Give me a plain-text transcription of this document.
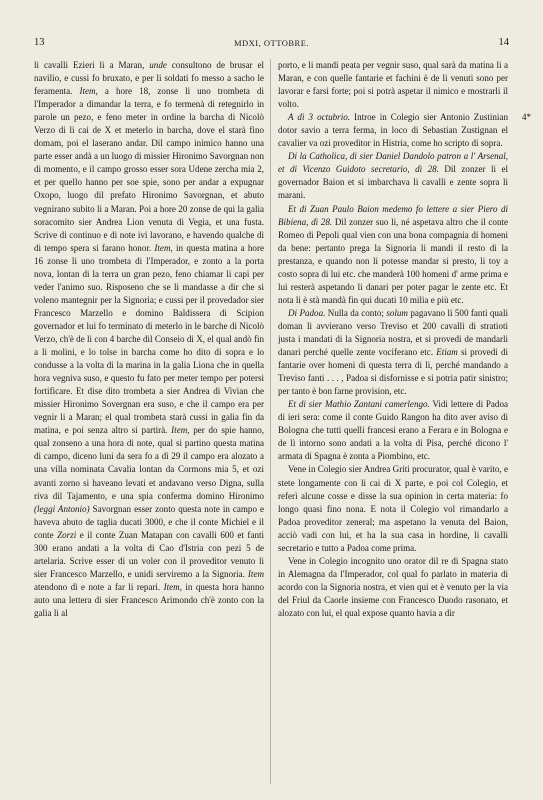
13	MDXI, OTTOBRE.	14

li cavalli Ezieri li a Maran, unde consultono de brusar el navilio, e cussi fo bruxato, e per li soldati fo messo a sacho le feramenta. Item, a hore 18, zonse li uno trombeta di l'Imperador a dimandar la terra, e fo termenà di retegnirlo in parole un pezo, e feno meter in ordine la barcha di Nicolò Verzo di li cai de X et meterlo in barcha, dove el starà fino domam, poi el laserano andar. Dil campo inimico hanno una parte esser andà a un luogo di missier Hironimo Savorgnan non di momento, e il campo grosso esser sora Udene zercha mia 2, et per quello hanno per soe spie, sono per andar a expugnar Oxopo, luogo dil prefato Hironimo Savorgnan, et abuto vegnirano subito lì a Maran. Poi a hore 20 zonse de qui la galia soracomito sier Andrea Lion venuta di Vegia, et una fusta. Scrive di continuo e di note ivi lavorano, e havendo qualche dì di tempo spera si farano honor. Item, in questa matina a hore 16 zonse li uno trombeta di l'Imperador, e zonto a la porta nova, lontan di la terra un gran pezo, feno chiamar li capi per veder l'animo suo. Risposeno che se li mandasse a dir che si voleno mantegnir per la Signoria; e cussi per il provedador sier Francesco Marzello e domino Baldissera di Scipion governador et lui fo terminato di meterlo in le barche di Nicolò Verzo, ch'è de li con 4 barche dil Conseio di X, el qual andò fin a li molini, e lo tolse in barcha come ho dito di sopra e lo condusse a la volta di la marina in la galia Liona che in quella hora vegniva suso, e questo fu fato per meter tempo per potersi fortificare. Et dise dito trombeta a sier Andrea di Vivian che missier Hironimo Sovergnan era suso, e che il campo era per vegnir li a Maran; el qual trombeta starà cussi in galia fin da matina, e poi senza altro si partirà. Item, per do spie hanno, qual zonseno a una hora di note, qual si partino questa matina di campo, diceno luni da sera fo a dì 29 il campo era alozato a una villa nominata Cavalia lontan da Cormons mia 5, et ozi avanti zorno si haveano levati et andavano verso Digna, sulla riva dil Tajamento, e una spia conferma domino Hironimo (leggi Antonio) Savorgnan esser zonto questa note in campo e haveva abuto de taglia ducati 3000, e che il conte Michiel e il conte Zorzi e il conte Zuan Matapan con cavalli 600 et fanti 300 erano andati a la volta di Cao d'Istria con pezi 5 de artelaria. Scrive esser di un voler con il proveditor venuto li sier Francesco Marzello, e unidi serviremo a la Signoria. Item atendono dì e note a far li repari. Item, in questa hora hanno auto una lettera di sier Francesco Arimondo ch'è zonto con la galia li al

porto, e li mandi peata per vegnir suso, qual sarà da matina li a Maran, e con quelle fantarie et fachini è de li venuti sono per lavorar e farsi forte; poi si potrà aspetar il nimico e mostrarli il volto.

A dì 3 octubrio. Introe in Colegio sier Antonio Zustinian dotor savio a terra ferma, in loco di Sebastian Zustignan el cavalier va ozi proveditor in Histria, come ho scripto di sopra.

Di la Catholica, di sier Daniel Dandolo patron a l' Arsenal, et di Vicenzo Guidoto secretario, dì 28. Dil zonzer li el governador Baion et si imbarchava li cavalli e zente sopra li marani.

Et di Zuan Paulo Baion medemo fo lettere a sier Piero di Bibiena, dì 28. Dil zonzer suo li, né aspetava altro che il conte Romeo di Pepoli qual vien con una bona compagnia di homeni da bene: pertanto prega la Signoria li mandi il resto di la prestanza, e quando non li potesse mandar si presto, li toy a costo sopra di lui etc. che manderà 100 homeni d' arme prima e lui resterà aspetando li danari per poter pagar le zente etc. Et nota li è stà mandà fin qui ducati 10 milia e più etc.

Di Padoa. Nulla da conto; solum pagavano li 500 fanti quali doman li avvierano verso Treviso et 200 cavalli di stratioti justa i mandati di la Signoria nostra, et si provedi de mandarli danari perché quelle zente vociferano etc. Etiam si provedi di fantarie over homeni di questa terra di lì, perché mandando a Treviso fanti . . . , Padoa si disfornisse e si potria patir sinistro; per tanto è bon farne provision, etc.

Et di sier Mathio Zantani camerlengo. Vidi lettere di Padoa di ieri sera: come il conte Guido Rangon ha dito aver aviso di Bologna che tutti quelli francesi erano a Ferara e in Bologna e de lì intorno sono andati a la volta di Pisa, perché dicono l' armata di Spagna è zonta a Piombino, etc.

Vene in Colegio sier Andrea Griti procurator, qual è varito, e stete longamente con li cai di X parte, e poi col Colegio, et referì alcune cosse e disse la sua opinion in certa materia: fo longo quasi fino nona. E nota il Colegio vol rimandarlo a Padoa proveditor zeneral; ma aspetano la venuta del Baion, acciò vadi con lui, et ha la sua casa in hordine, li cavalli secretario e tutto a Padoa come prima.

Vene in Colegio incognito uno orator dil re di Spagna stato in Alemagna da l'Imperador, col qual fo parlato in materia di acordo con la Signoria nostra, et vien qui et è venuto per la via del Friul da Caorle insieme con Francesco Duodo rasonato, et alozato con lui, el qual expose quanto havia a dir

4*
